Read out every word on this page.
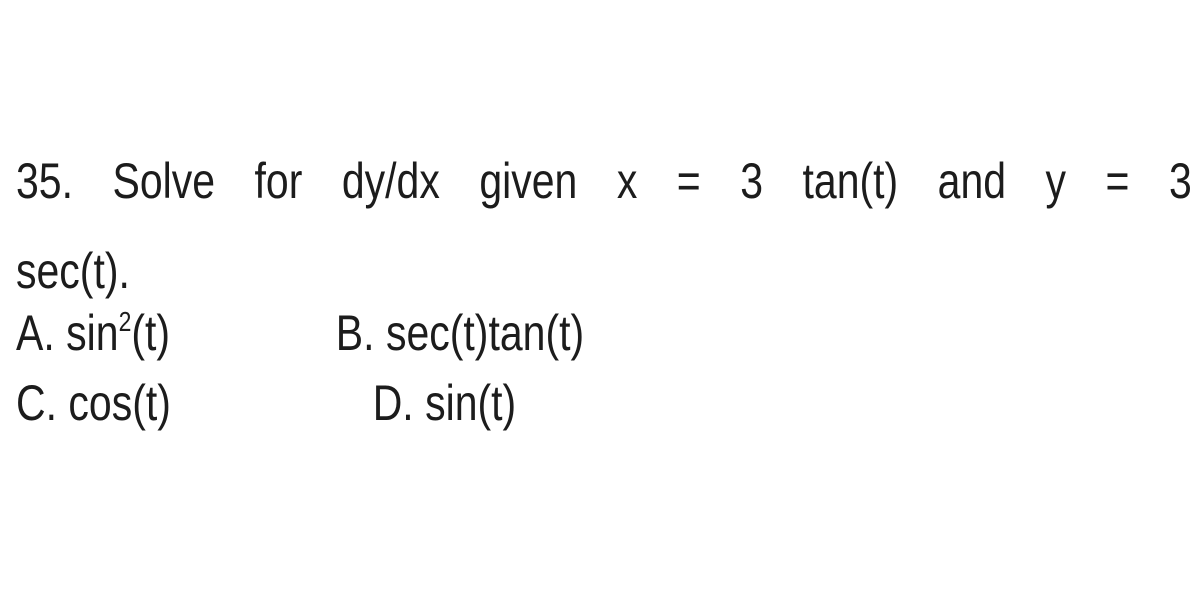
35. Solve for dy/dx given x = 3 tan(t) and y = 3
sec(t).
A. $\sin^2(t)$	B. sec(t)tan(t)
C. cos(t)	D. sin(t)
